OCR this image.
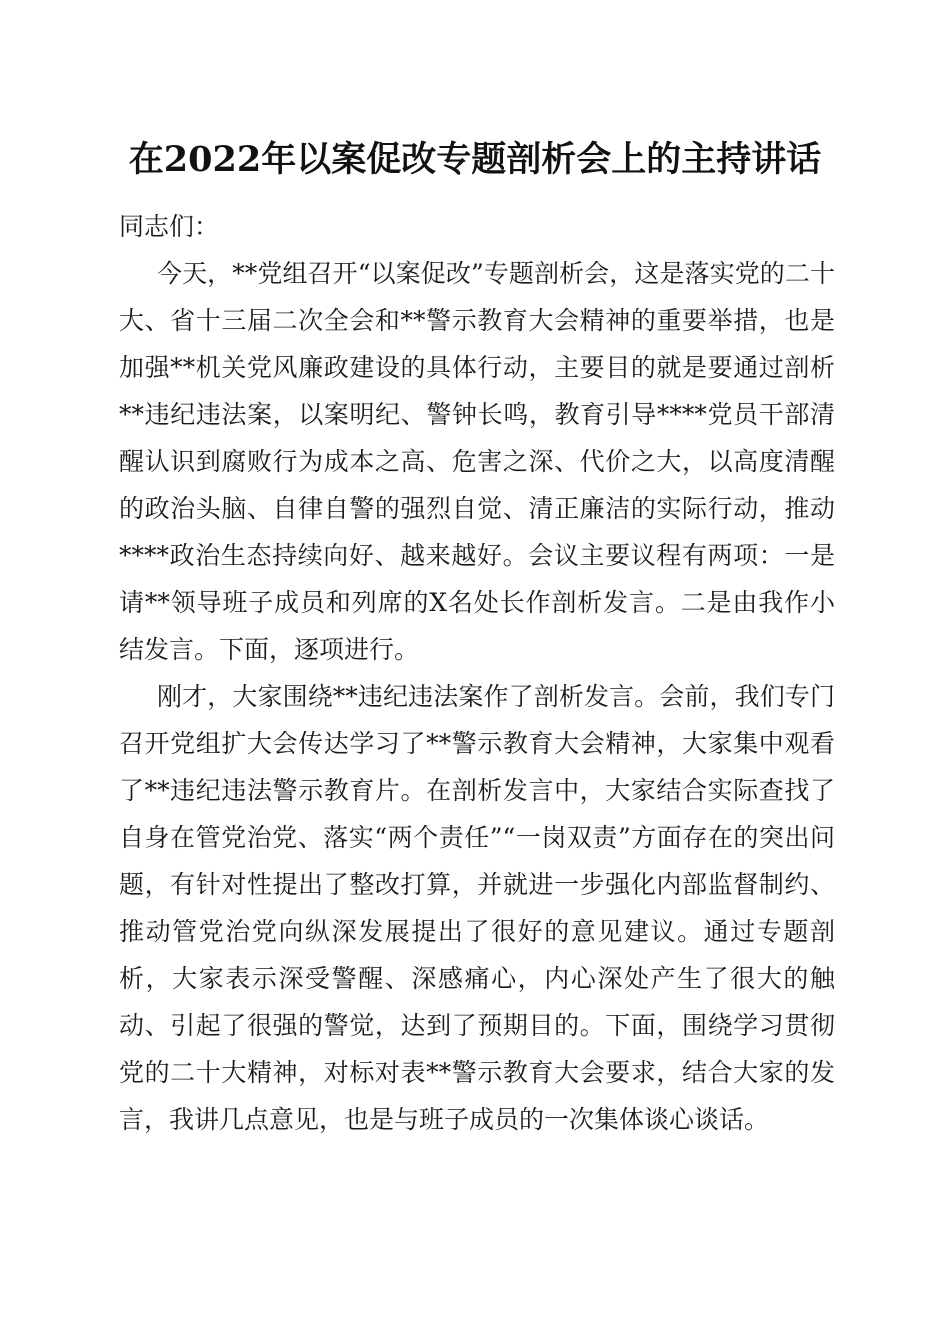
在2022年以案促改专题剖析会上的主持讲话

同志们：

今天，**党组召开“以案促改”专题剖析会，这是落实党的二十大、省十三届二次全会和**警示教育大会精神的重要举措，也是加强**机关党风廉政建设的具体行动，主要目的就是要通过剖析**违纪违法案，以案明纪、警钟长鸣，教育引导****党员干部清醒认识到腐败行为成本之高、危害之深、代价之大，以高度清醒的政治头脑、自律自警的强烈自觉、清正廉洁的实际行动，推动****政治生态持续向好、越来越好。会议主要议程有两项：一是请**领导班子成员和列席的X名处长作剖析发言。二是由我作小结发言。下面，逐项进行。

刚才，大家围绕**违纪违法案作了剖析发言。会前，我们专门召开党组扩大会传达学习了**警示教育大会精神，大家集中观看了**违纪违法警示教育片。在剖析发言中，大家结合实际查找了自身在管党治党、落实“两个责任”“一岗双责”方面存在的突出问题，有针对性提出了整改打算，并就进一步强化内部监督制约、推动管党治党向纵深发展提出了很好的意见建议。通过专题剖析，大家表示深受警醒、深感痛心，内心深处产生了很大的触动、引起了很强的警觉，达到了预期目的。下面，围绕学习贯彻党的二十大精神，对标对表**警示教育大会要求，结合大家的发言，我讲几点意见，也是与班子成员的一次集体谈心谈话。
